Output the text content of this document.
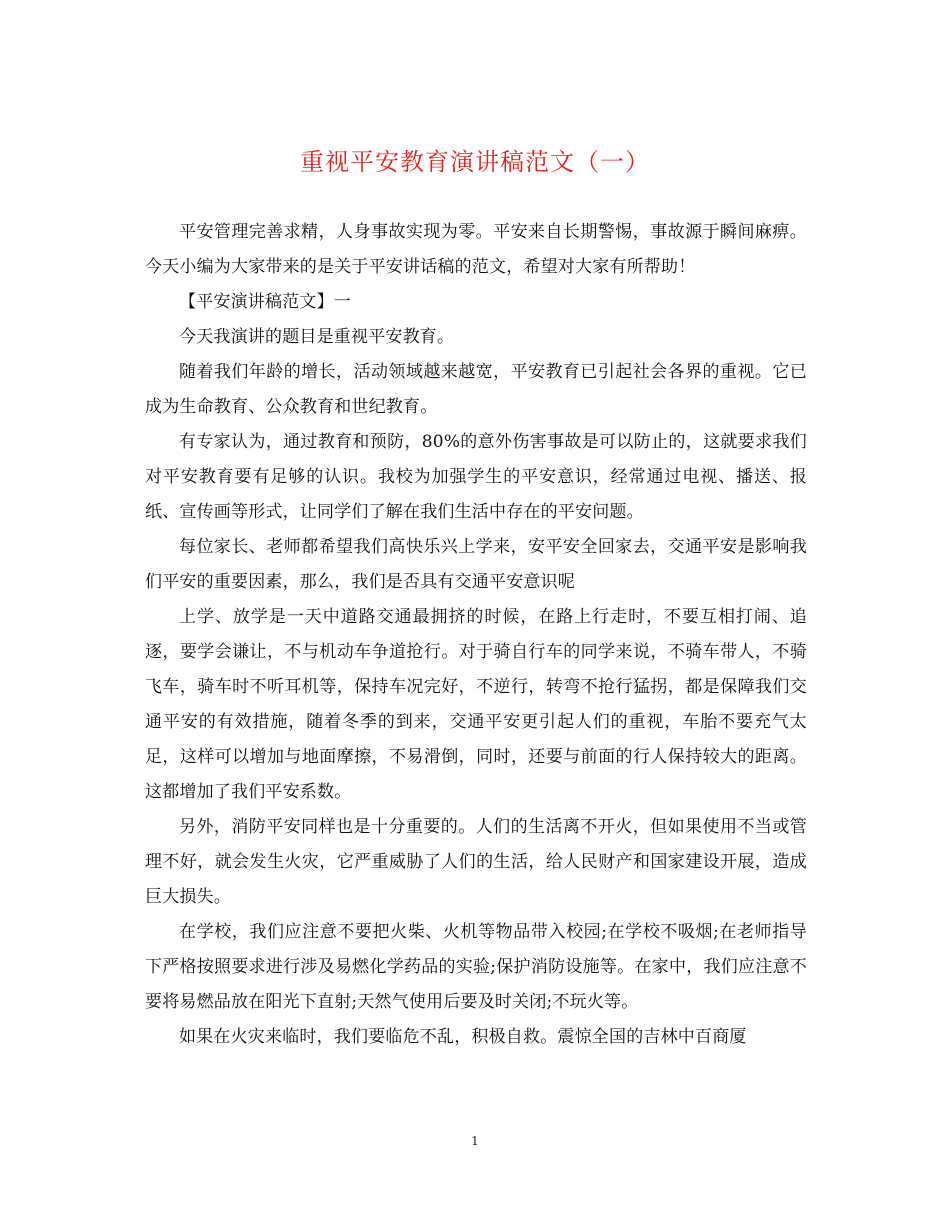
重视平安教育演讲稿范文（一）

平安管理完善求精，人身事故实现为零。平安来自长期警惕，事故源于瞬间麻痹。今天小编为大家带来的是关于平安讲话稿的范文，希望对大家有所帮助！

【平安演讲稿范文】一

今天我演讲的题目是重视平安教育。

随着我们年龄的增长，活动领域越来越宽，平安教育已引起社会各界的重视。它已成为生命教育、公众教育和世纪教育。

有专家认为，通过教育和预防，80%的意外伤害事故是可以防止的，这就要求我们对平安教育要有足够的认识。我校为加强学生的平安意识，经常通过电视、播送、报纸、宣传画等形式，让同学们了解在我们生活中存在的平安问题。

每位家长、老师都希望我们高快乐兴上学来，安平安全回家去，交通平安是影响我们平安的重要因素，那么，我们是否具有交通平安意识呢

上学、放学是一天中道路交通最拥挤的时候，在路上行走时，不要互相打闹、追逐，要学会谦让，不与机动车争道抢行。对于骑自行车的同学来说，不骑车带人，不骑飞车，骑车时不听耳机等，保持车况完好，不逆行，转弯不抢行猛拐，都是保障我们交通平安的有效措施，随着冬季的到来，交通平安更引起人们的重视，车胎不要充气太足，这样可以增加与地面摩擦，不易滑倒，同时，还要与前面的行人保持较大的距离。这都增加了我们平安系数。

另外，消防平安同样也是十分重要的。人们的生活离不开火，但如果使用不当或管理不好，就会发生火灾，它严重威胁了人们的生活，给人民财产和国家建设开展，造成巨大损失。

在学校，我们应注意不要把火柴、火机等物品带入校园;在学校不吸烟;在老师指导下严格按照要求进行涉及易燃化学药品的实验;保护消防设施等。在家中，我们应注意不要将易燃品放在阳光下直射;天然气使用后要及时关闭;不玩火等。

如果在火灾来临时，我们要临危不乱，积极自救。震惊全国的吉林中百商厦

1
